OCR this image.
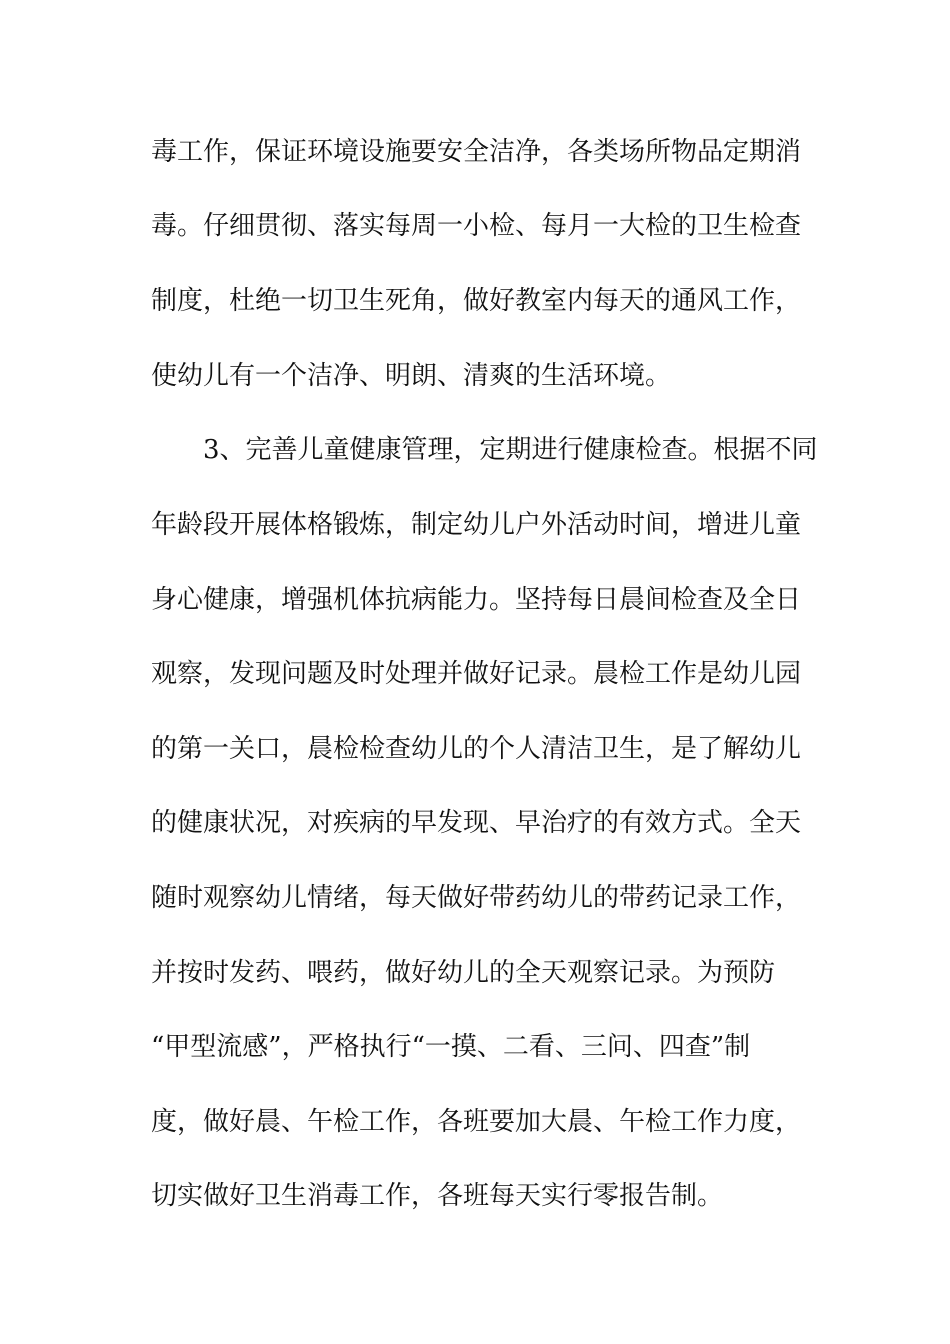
毒工作，保证环境设施要安全洁净，各类场所物品定期消
毒。仔细贯彻、落实每周一小检、每月一大检的卫生检查
制度，杜绝一切卫生死角，做好教室内每天的通风工作，
使幼儿有一个洁净、明朗、清爽的生活环境。
3、完善儿童健康管理，定期进行健康检查。根据不同
年龄段开展体格锻炼，制定幼儿户外活动时间，增进儿童
身心健康，增强机体抗病能力。坚持每日晨间检查及全日
观察，发现问题及时处理并做好记录。晨检工作是幼儿园
的第一关口，晨检检查幼儿的个人清洁卫生，是了解幼儿
的健康状况，对疾病的早发现、早治疗的有效方式。全天
随时观察幼儿情绪，每天做好带药幼儿的带药记录工作，
并按时发药、喂药，做好幼儿的全天观察记录。为预防
“甲型流感”，严格执行“一摸、二看、三问、四查”制
度，做好晨、午检工作，各班要加大晨、午检工作力度，
切实做好卫生消毒工作，各班每天实行零报告制。
